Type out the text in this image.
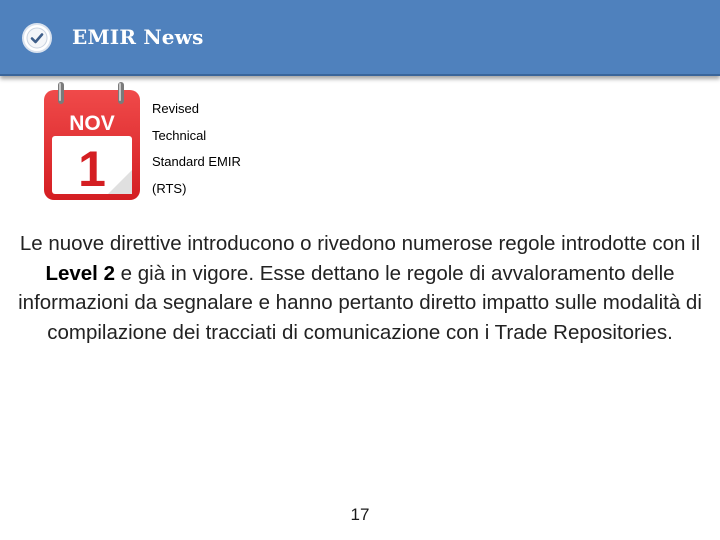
EMIR News
NOV
1
Revised
Technical
Standard EMIR
(RTS)
Le nuove direttive introducono o rivedono numerose regole introdotte con il Level 2 e già in vigore. Esse dettano le regole di avvaloramento delle informazioni da segnalare e hanno pertanto diretto impatto sulle modalità di compilazione dei tracciati di comunicazione con i Trade Repositories.
17
